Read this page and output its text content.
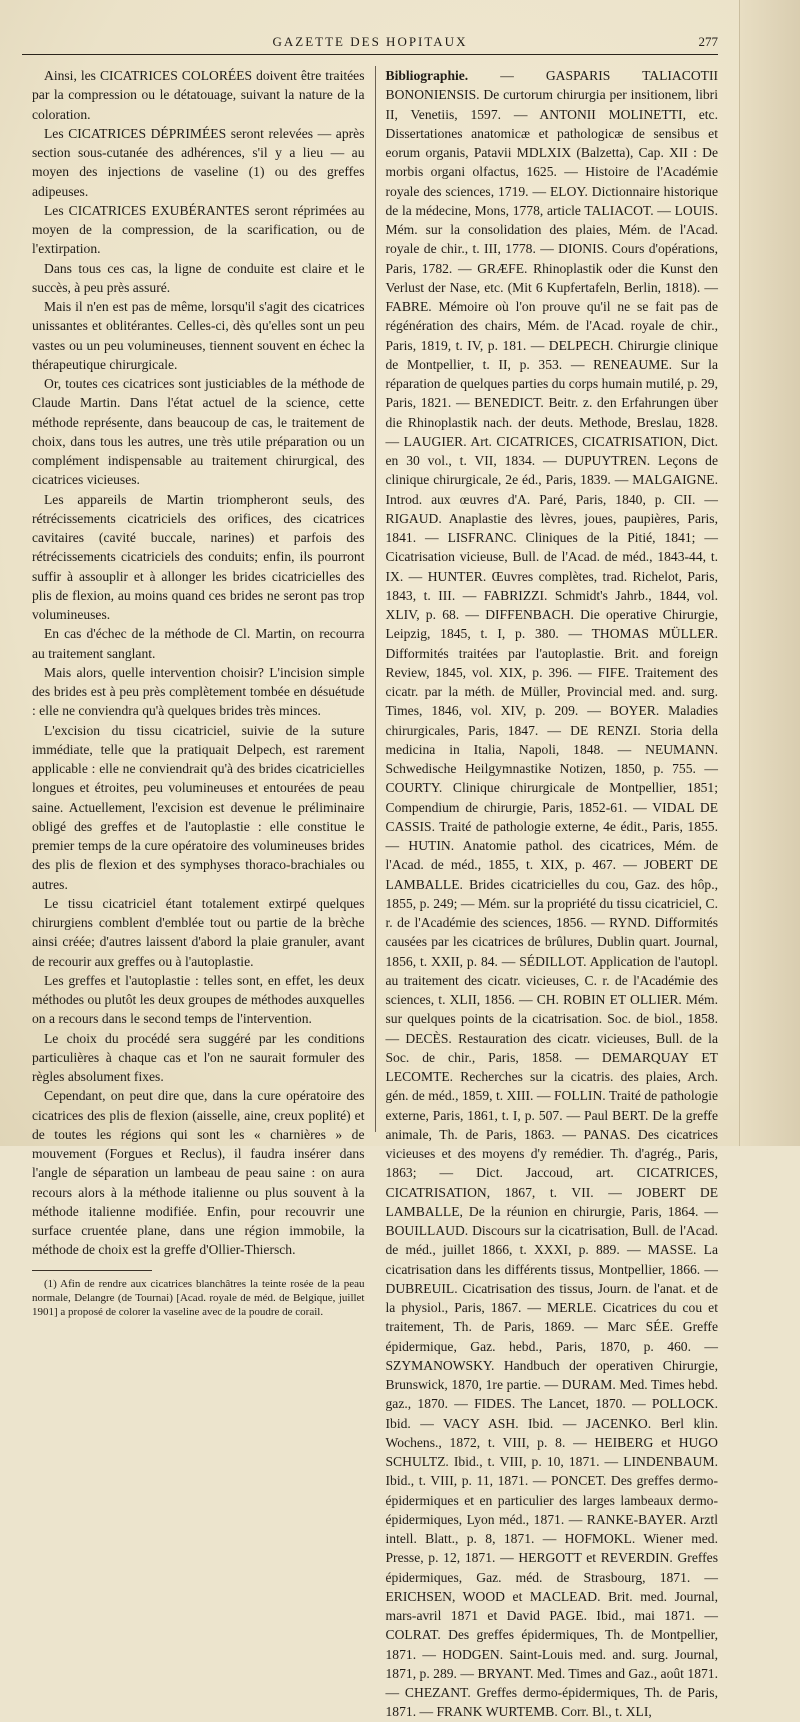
GAZETTE DES HOPITAUX	277

Ainsi, les CICATRICES COLORÉES doivent être traitées par la compression ou le détatouage, suivant la nature de la coloration.

Les CICATRICES DÉPRIMÉES seront relevées — après section sous-cutanée des adhérences, s'il y a lieu — au moyen des injections de vaseline (1) ou des greffes adipeuses.

Les CICATRICES EXUBÉRANTES seront réprimées au moyen de la compression, de la scarification, ou de l'extirpation.

Dans tous ces cas, la ligne de conduite est claire et le succès, à peu près assuré.

Mais il n'en est pas de même, lorsqu'il s'agit des cicatrices unissantes et oblitérantes. Celles-ci, dès qu'elles sont un peu vastes ou un peu volumineuses, tiennent souvent en échec la thérapeutique chirurgicale.

Or, toutes ces cicatrices sont justiciables de la méthode de Claude Martin. Dans l'état actuel de la science, cette méthode représente, dans beaucoup de cas, le traitement de choix, dans tous les autres, une très utile préparation ou un complément indispensable au traitement chirurgical, des cicatrices vicieuses.

Les appareils de Martin triompheront seuls, des rétrécissements cicatriciels des orifices, des cicatrices cavitaires (cavité buccale, narines) et parfois des rétrécissements cicatriciels des conduits; enfin, ils pourront suffir à assouplir et à allonger les brides cicatricielles des plis de flexion, au moins quand ces brides ne seront pas trop volumineuses.

En cas d'échec de la méthode de Cl. Martin, on recourra au traitement sanglant.

Mais alors, quelle intervention choisir? L'incision simple des brides est à peu près complètement tombée en désuétude : elle ne conviendra qu'à quelques brides très minces.

L'excision du tissu cicatriciel, suivie de la suture immédiate, telle que la pratiquait Delpech, est rarement applicable : elle ne conviendrait qu'à des brides cicatricielles longues et étroites, peu volumineuses et entourées de peau saine. Actuellement, l'excision est devenue le préliminaire obligé des greffes et de l'autoplastie : elle constitue le premier temps de la cure opératoire des volumineuses brides des plis de flexion et des symphyses thoraco-brachiales ou autres.

Le tissu cicatriciel étant totalement extirpé quelques chirurgiens comblent d'emblée tout ou partie de la brèche ainsi créée; d'autres laissent d'abord la plaie granuler, avant de recourir aux greffes ou à l'autoplastie.

Les greffes et l'autoplastie : telles sont, en effet, les deux méthodes ou plutôt les deux groupes de méthodes auxquelles on a recours dans le second temps de l'intervention.

Le choix du procédé sera suggéré par les conditions particulières à chaque cas et l'on ne saurait formuler des règles absolument fixes.

Cependant, on peut dire que, dans la cure opératoire des cicatrices des plis de flexion (aisselle, aine, creux poplité) et de toutes les régions qui sont les « charnières » de mouvement (Forgues et Reclus), il faudra insérer dans l'angle de séparation un lambeau de peau saine : on aura recours alors à la méthode italienne ou plus souvent à la méthode italienne modifiée. Enfin, pour recouvrir une surface cruentée plane, dans une région immobile, la méthode de choix est la greffe d'Ollier-Thiersch.

(1) Afin de rendre aux cicatrices blanchâtres la teinte rosée de la peau normale, Delangre (de Tournai) [Acad. royale de méd. de Belgique, juillet 1901] a proposé de colorer la vaseline avec de la poudre de corail.

Bibliographie. — GASPARIS TALIACOTII BONONIENSIS. De curtorum chirurgia per insitionem, libri II, Venetiis, 1597. — ANTONII MOLINETTI, etc. Dissertationes anatomicæ et pathologicæ de sensibus et eorum organis, Patavii MDLXIX (Balzetta), Cap. XII : De morbis organi olfactus, 1625. — Histoire de l'Académie royale des sciences, 1719. — ELOY. Dictionnaire historique de la médecine, Mons, 1778, article TALIACOT. — LOUIS. Mém. sur la consolidation des plaies, Mém. de l'Acad. royale de chir., t. III, 1778. — DIONIS. Cours d'opérations, Paris, 1782. — GRÆFE. Rhinoplastik oder die Kunst den Verlust der Nase, etc. (Mit 6 Kupfertafeln, Berlin, 1818). — FABRE. Mémoire où l'on prouve qu'il ne se fait pas de régénération des chairs, Mém. de l'Acad. royale de chir., Paris, 1819, t. IV, p. 181. — DELPECH. Chirurgie clinique de Montpellier, t. II, p. 353. — RENEAUME. Sur la réparation de quelques parties du corps humain mutilé, p. 29, Paris, 1821. — BENEDICT. Beitr. z. den Erfahrungen über die Rhinoplastik nach. der deuts. Methode, Breslau, 1828. — LAUGIER. Art. CICATRICES, CICATRISATION, Dict. en 30 vol., t. VII, 1834. — DUPUYTREN. Leçons de clinique chirurgicale, 2e éd., Paris, 1839. — MALGAIGNE. Introd. aux œuvres d'A. Paré, Paris, 1840, p. CII. — RIGAUD. Anaplastie des lèvres, joues, paupières, Paris, 1841. — LISFRANC. Cliniques de la Pitié, 1841; — Cicatrisation vicieuse, Bull. de l'Acad. de méd., 1843-44, t. IX. — HUNTER. Œuvres complètes, trad. Richelot, Paris, 1843, t. III. — FABRIZZI. Schmidt's Jahrb., 1844, vol. XLIV, p. 68. — DIFFENBACH. Die operative Chirurgie, Leipzig, 1845, t. I, p. 380. — THOMAS MÜLLER. Difformités traitées par l'autoplastie. Brit. and foreign Review, 1845, vol. XIX, p. 396. — FIFE. Traitement des cicatr. par la méth. de Müller, Provincial med. and. surg. Times, 1846, vol. XIV, p. 209. — BOYER. Maladies chirurgicales, Paris, 1847. — DE RENZI. Storia della medicina in Italia, Napoli, 1848. — NEUMANN. Schwedische Heilgymnastike Notizen, 1850, p. 755. — COURTY. Clinique chirurgicale de Montpellier, 1851; Compendium de chirurgie, Paris, 1852-61. — VIDAL DE CASSIS. Traité de pathologie externe, 4e édit., Paris, 1855. — HUTIN. Anatomie pathol. des cicatrices, Mém. de l'Acad. de méd., 1855, t. XIX, p. 467. — JOBERT DE LAMBALLE. Brides cicatricielles du cou, Gaz. des hôp., 1855, p. 249; — Mém. sur la propriété du tissu cicatriciel, C. r. de l'Académie des sciences, 1856. — RYND. Difformités causées par les cicatrices de brûlures, Dublin quart. Journal, 1856, t. XXII, p. 84. — SÉDILLOT. Application de l'autopl. au traitement des cicatr. vicieuses, C. r. de l'Académie des sciences, t. XLII, 1856. — CH. ROBIN ET OLLIER. Mém. sur quelques points de la cicatrisation. Soc. de biol., 1858. — DECÈS. Restauration des cicatr. vicieuses, Bull. de la Soc. de chir., Paris, 1858. — DEMARQUAY ET LECOMTE. Recherches sur la cicatris. des plaies, Arch. gén. de méd., 1859, t. XIII. — FOLLIN. Traité de pathologie externe, Paris, 1861, t. I, p. 507. — Paul BERT. De la greffe animale, Th. de Paris, 1863. — PANAS. Des cicatrices vicieuses et des moyens d'y remédier. Th. d'agrég., Paris, 1863; — Dict. Jaccoud, art. CICATRICES, CICATRISATION, 1867, t. VII. — JOBERT DE LAMBALLE, De la réunion en chirurgie, Paris, 1864. — BOUILLAUD. Discours sur la cicatrisation, Bull. de l'Acad. de méd., juillet 1866, t. XXXI, p. 889. — MASSE. La cicatrisation dans les différents tissus, Montpellier, 1866. — DUBREUIL. Cicatrisation des tissus, Journ. de l'anat. et de la physiol., Paris, 1867. — MERLE. Cicatrices du cou et traitement, Th. de Paris, 1869. — Marc SÉE. Greffe épidermique, Gaz. hebd., Paris, 1870, p. 460. — SZYMANOWSKY. Handbuch der operativen Chirurgie, Brunswick, 1870, 1re partie. — DURAM. Med. Times hebd. gaz., 1870. — FIDES. The Lancet, 1870. — POLLOCK. Ibid. — VACY ASH. Ibid. — JACENKO. Berl klin. Wochens., 1872, t. VIII, p. 8. — HEIBERG et HUGO SCHULTZ. Ibid., t. VIII, p. 10, 1871. — LINDENBAUM. Ibid., t. VIII, p. 11, 1871. — PONCET. Des greffes dermo-épidermiques et en particulier des larges lambeaux dermo-épidermiques, Lyon méd., 1871. — RANKE-BAYER. Arztl intell. Blatt., p. 8, 1871. — HOFMOKL. Wiener med. Presse, p. 12, 1871. — HERGOTT et REVERDIN. Greffes épidermiques, Gaz. méd. de Strasbourg, 1871. — ERICHSEN, WOOD et MACLEAD. Brit. med. Journal, mars-avril 1871 et David PAGE. Ibid., mai 1871. — COLRAT. Des greffes épidermiques, Th. de Montpellier, 1871. — HODGEN. Saint-Louis med. and. surg. Journal, 1871, p. 289. — BRYANT. Med. Times and Gaz., août 1871. — CHEZANT. Greffes dermo-épidermiques, Th. de Paris, 1871. — FRANK WURTEMB. Corr. Bl., t. XLI,
